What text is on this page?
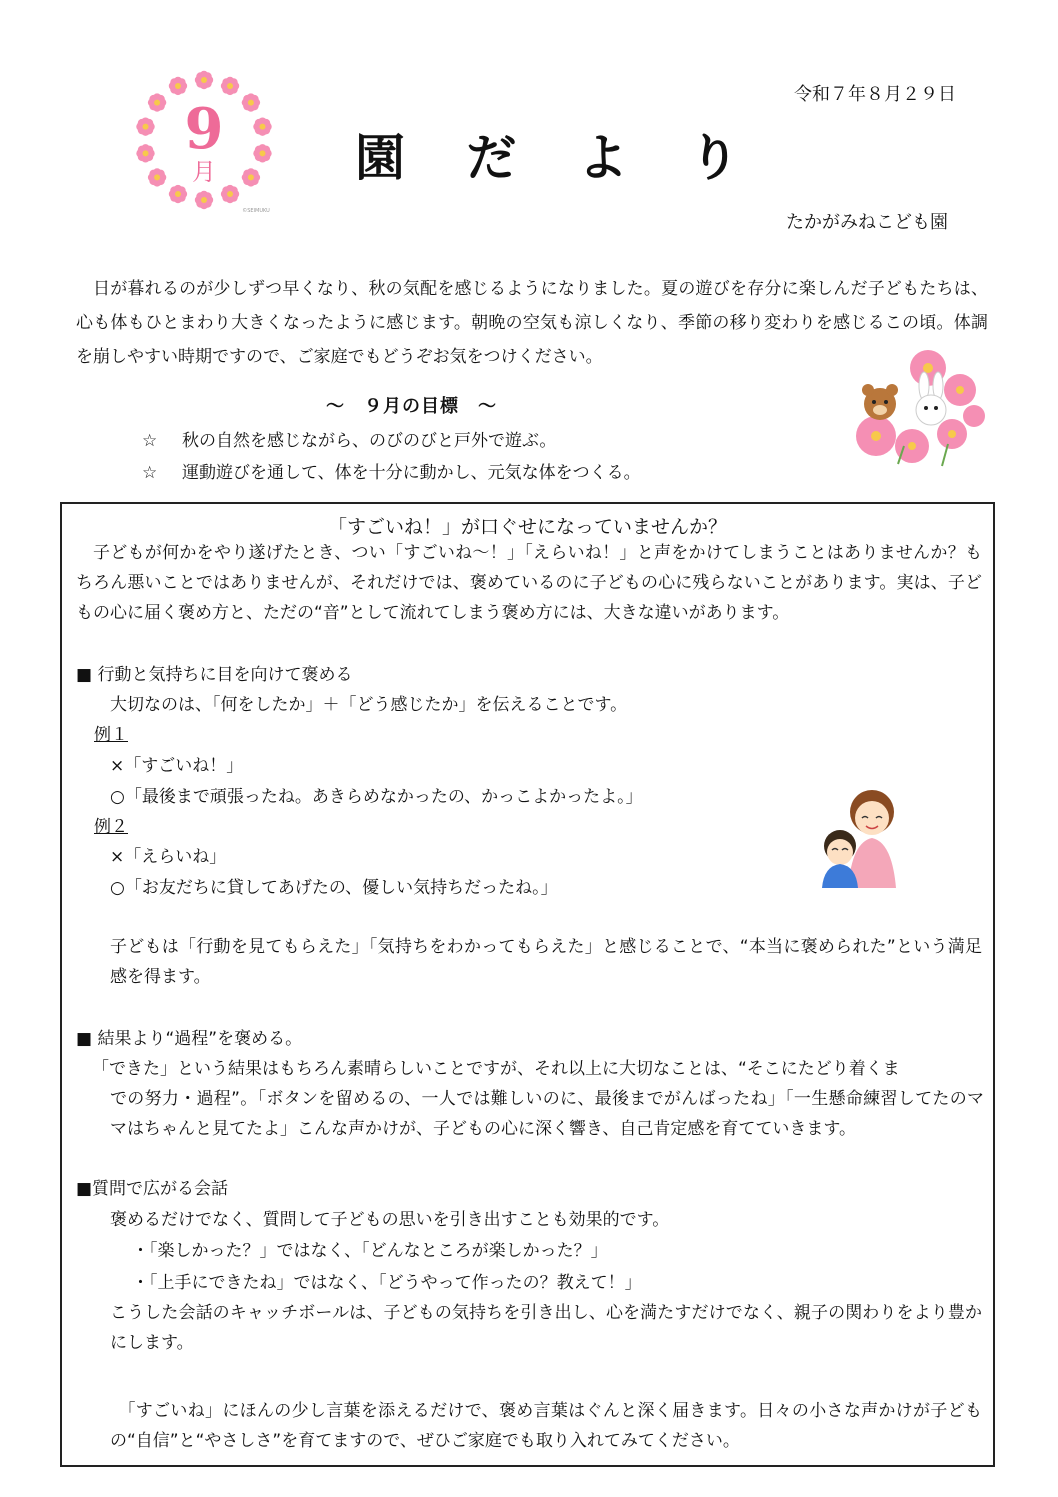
9
月
©SEIMUKU
令和７年８月２９日
園 だ よ り
たかがみねこども園

日が暮れるのが少しずつ早くなり、秋の気配を感じるようになりました。夏の遊びを存分に楽しんだ子どもたちは、心も体もひとまわり大きくなったように感じます。朝晩の空気も涼しくなり、季節の移り変わりを感じるこの頃。体調を崩しやすい時期ですので、ご家庭でもどうぞお気をつけください。

～　９月の目標　～
☆ 秋の自然を感じながら、のびのびと戸外で遊ぶ。
☆ 運動遊びを通して、体を十分に動かし、元気な体をつくる。
「すごいね！」が口ぐせになっていませんか？
子どもが何かをやり遂げたとき、つい「すごいね～！」「えらいね！」と声をかけてしまうことはありませんか？もちろん悪いことではありませんが、それだけでは、褒めているのに子どもの心に残らないことがあります。実は、子どもの心に届く褒め方と、ただの“音”として流れてしまう褒め方には、大きな違いがあります。
■ 行動と気持ちに目を向けて褒める
大切なのは、「何をしたか」＋「どう感じたか」を伝えることです。
例１
×「すごいね！」
○「最後まで頑張ったね。あきらめなかったの、かっこよかったよ。」
例２
×「えらいね」
○「お友だちに貸してあげたの、優しい気持ちだったね。」
子どもは「行動を見てもらえた」「気持ちをわかってもらえた」と感じることで、“本当に褒められた”という満足感を得ます。
■ 結果より“過程”を褒める。
「できた」という結果はもちろん素晴らしいことですが、それ以上に大切なことは、“そこにたどり着くま
での努力・過程”。「ボタンを留めるの、一人では難しいのに、最後までがんばったね」「一生懸命練習してたのママはちゃんと見てたよ」こんな声かけが、子どもの心に深く響き、自己肯定感を育てていきます。
■質問で広がる会話
褒めるだけでなく、質問して子どもの思いを引き出すことも効果的です。
・「楽しかった？」ではなく、「どんなところが楽しかった？」
・「上手にできたね」ではなく、「どうやって作ったの？教えて！」
こうした会話のキャッチボールは、子どもの気持ちを引き出し、心を満たすだけでなく、親子の関わりをより豊かにします。
「すごいね」にほんの少し言葉を添えるだけで、褒め言葉はぐんと深く届きます。日々の小さな声かけが子どもの“自信”と“やさしさ”を育てますので、ぜひご家庭でも取り入れてみてください。
